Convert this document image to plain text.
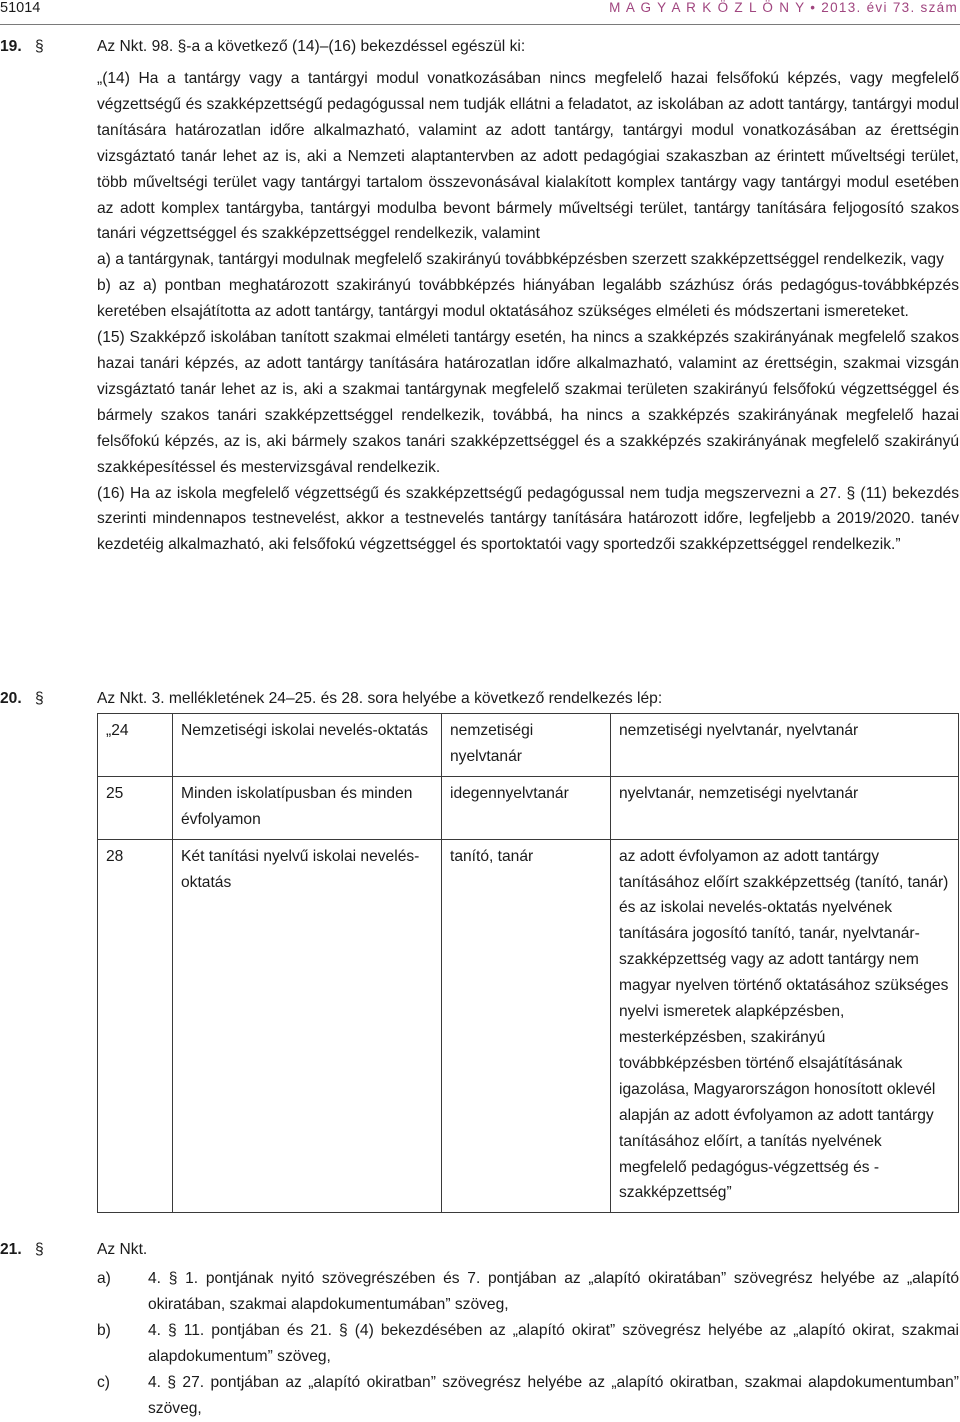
51014	M A G Y A R K Ö Z L Ö N Y • 2013. évi 73. szám
19. §	Az Nkt. 98. §-a a következő (14)–(16) bekezdéssel egészül ki:

„(14) Ha a tantárgy vagy a tantárgyi modul vonatkozásában nincs megfelelő hazai felsőfokú képzés, vagy megfelelő végzettségű és szakképzettségű pedagógussal nem tudják ellátni a feladatot, az iskolában az adott tantárgy, tantárgyi modul tanítására határozatlan időre alkalmazható, valamint az adott tantárgy, tantárgyi modul vonatkozásában az érettségin vizsgáztató tanár lehet az is, aki a Nemzeti alaptantervben az adott pedagógiai szakaszban az érintett műveltségi terület, több műveltségi terület vagy tantárgyi tartalom összevonásával kialakított komplex tantárgy vagy tantárgyi modul esetében az adott komplex tantárgyba, tantárgyi modulba bevont bármely műveltségi terület, tantárgy tanítására feljogosító szakos tanári végzettséggel és szakképzettséggel rendelkezik, valamint

a) a tantárgynak, tantárgyi modulnak megfelelő szakirányú továbbképzésben szerzett szakképzettséggel rendelkezik, vagy

b) az a) pontban meghatározott szakirányú továbbképzés hiányában legalább százhúsz órás pedagógus-továbbképzés keretében elsajátította az adott tantárgy, tantárgyi modul oktatásához szükséges elméleti és módszertani ismereteket.

(15) Szakképző iskolában tanított szakmai elméleti tantárgy esetén, ha nincs a szakképzés szakirányának megfelelő szakos hazai tanári képzés, az adott tantárgy tanítására határozatlan időre alkalmazható, valamint az érettségin, szakmai vizsgán vizsgáztató tanár lehet az is, aki a szakmai tantárgynak megfelelő szakmai területen szakirányú felsőfokú végzettséggel és bármely szakos tanári szakképzettséggel rendelkezik, továbbá, ha nincs a szakképzés szakirányának megfelelő hazai felsőfokú képzés, az is, aki bármely szakos tanári szakképzettséggel és a szakképzés szakirányának megfelelő szakirányú szakképesítéssel és mestervizsgával rendelkezik.

(16) Ha az iskola megfelelő végzettségű és szakképzettségű pedagógussal nem tudja megszervezni a 27. § (11) bekezdés szerinti mindennapos testnevelést, akkor a testnevelés tantárgy tanítására határozott időre, legfeljebb a 2019/2020. tanév kezdetéig alkalmazható, aki felsőfokú végzettséggel és sportoktatói vagy sportedzői szakképzettséggel rendelkezik.”

20. §	Az Nkt. 3. mellékletének 24–25. és 28. sora helyébe a következő rendelkezés lép:
„24	Nemzetiségi iskolai nevelés-oktatás	nemzetiségi nyelvtanár	nemzetiségi nyelvtanár, nyelvtanár
25	Minden iskolatípusban és minden évfolyamon	idegennyelvtanár	nyelvtanár, nemzetiségi nyelvtanár
28	Két tanítási nyelvű iskolai nevelés-oktatás	tanító, tanár	az adott évfolyamon az adott tantárgy tanításához előírt szakképzettség (tanító, tanár) és az iskolai nevelés-oktatás nyelvének tanítására jogosító tanító, tanár, nyelvtanár-szakképzettség vagy az adott tantárgy nem magyar nyelven történő oktatásához szükséges nyelvi ismeretek alapképzésben, mesterképzésben, szakirányú továbbképzésben történő elsajátításának igazolása, Magyarországon honosított oklevél alapján az adott évfolyamon az adott tantárgy tanításához előírt, a tanítás nyelvének megfelelő pedagógus-végzettség és -szakképzettség”
21. §	Az Nkt.
a)	4. § 1. pontjának nyitó szövegrészében és 7. pontjában az „alapító okiratában” szövegrész helyébe az „alapító okiratában, szakmai alapdokumentumában” szöveg,
b)	4. § 11. pontjában és 21. § (4) bekezdésében az „alapító okirat” szövegrész helyébe az „alapító okirat, szakmai alapdokumentum” szöveg,
c)	4. § 27. pontjában az „alapító okiratban” szövegrész helyébe az „alapító okiratban, szakmai alapdokumentumban” szöveg,
